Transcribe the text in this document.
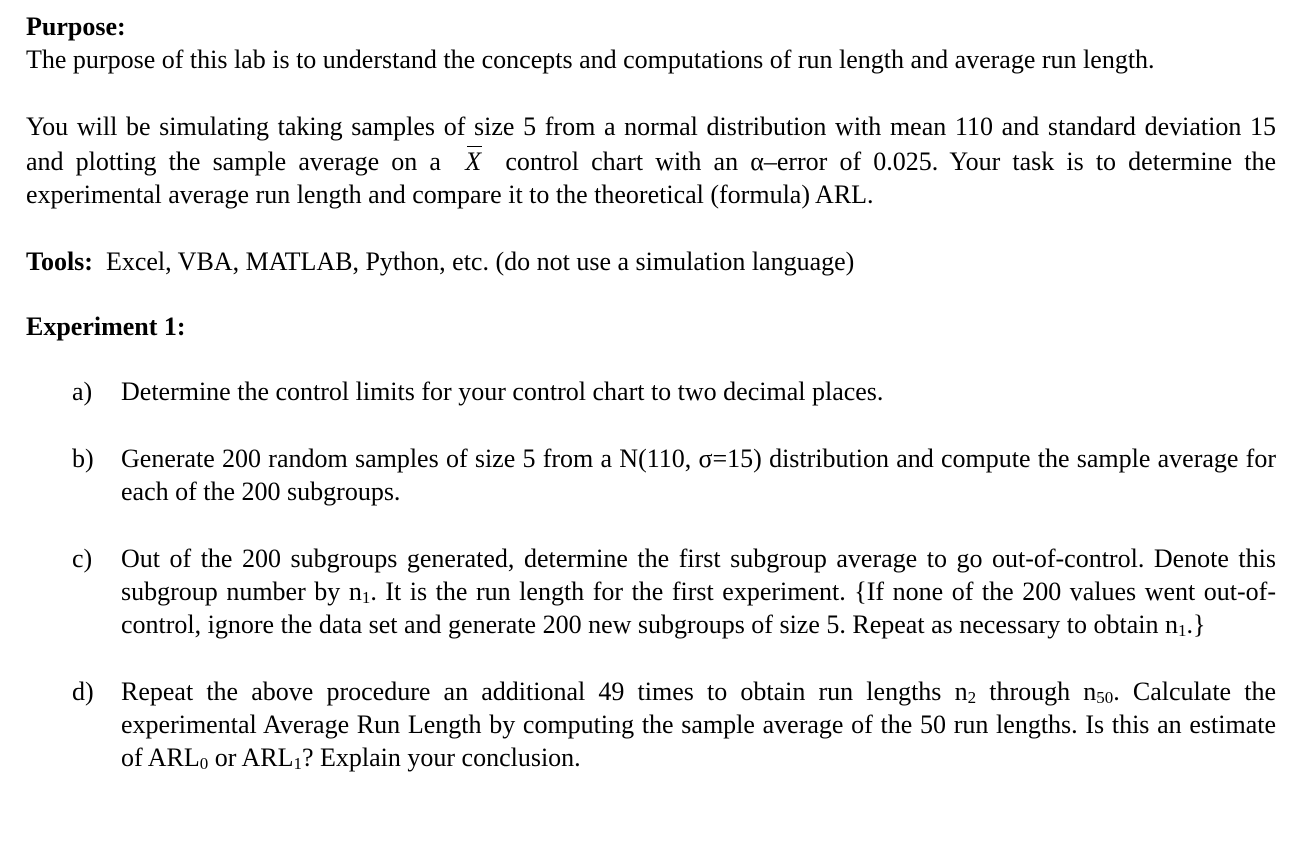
Purpose:

The purpose of this lab is to understand the concepts and computations of run length and average run length.

You will be simulating taking samples of size 5 from a normal distribution with mean 110 and standard deviation 15 and plotting the sample average on a X control chart with an α–error of 0.025. Your task is to determine the experimental average run length and compare it to the theoretical (formula) ARL.

Tools: Excel, VBA, MATLAB, Python, etc. (do not use a simulation language)

Experiment 1:

a) Determine the control limits for your control chart to two decimal places.
b) Generate 200 random samples of size 5 from a N(110, σ=15) distribution and compute the sample average for each of the 200 subgroups.
c) Out of the 200 subgroups generated, determine the first subgroup average to go out-of-control. Denote this subgroup number by $n_1$. It is the run length for the first experiment. {If none of the 200 values went out-of-control, ignore the data set and generate 200 new subgroups of size 5. Repeat as necessary to obtain $n_1$.}
d) Repeat the above procedure an additional 49 times to obtain run lengths $n_2$ through $n_{50}$. Calculate the experimental Average Run Length by computing the sample average of the 50 run lengths. Is this an estimate of $ARL_0$ or $ARL_1$? Explain your conclusion.
